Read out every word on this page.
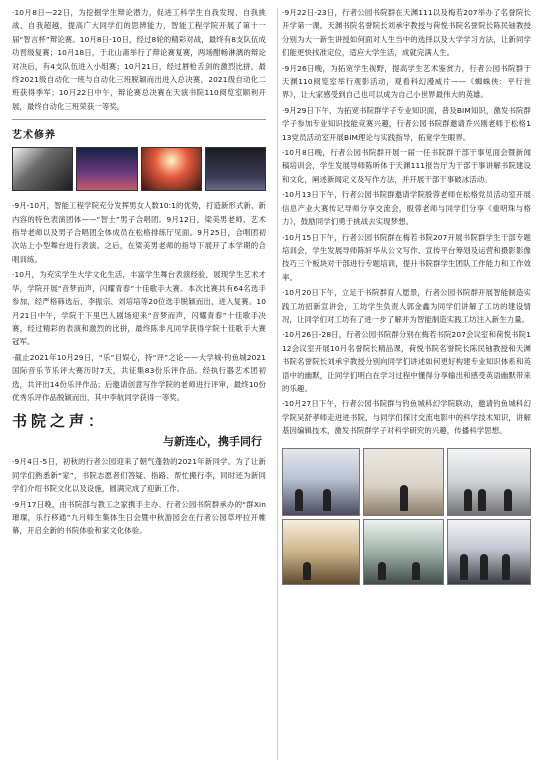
·10月8日—22日，为挖掘学生辩论潜力，促进工科学生自我发现、自我挑战、自我超越，提高广大同学们的思辨能力，智能工程学院开展了第十一届“智言杯”辩论赛。10月8日-10日，经过8轮的精彩对战，最终有8支队伍成功晋级复赛；10月18日，于北山斋举行了辩论赛复赛，两场酣畅淋漓的辩论对决后，有4支队伍进入小组赛；10月21日，经过唇枪舌剑的激烈比拼，最终2021级自动化一班与自动化三班脱颖而出进入总决赛，2021级自动化二班获得季军；10月22日中午，辩论赛总决赛在天演书院110阅览室顺利开展，最终自动化三班荣获一等奖。

艺术修养

·9月-10月，智能工程学院充分发挥男女人数10:1的优势，打造新形式新、新内容的特色表演团体——“智士”男子合唱团。9月12日，梁美男老师、艺术指导老师以及男子合唱团全体成员在松格排练厅见面。9月25日，合唱团初次站上小型舞台进行表演。之后，在梁美男老师的指导下展开了本学期的合唱训练。

·10月，为充实学生大学文化生活，丰富学生舞台表演经验，展现学生艺术才华，学院开展“音梦而声，闪耀青春”十佳歌手大赛。本次比赛共有64名选手参加，经严格筛选后，李振宗、刘培培等20位选手脱颖而出，进入复赛。10月21日中午，学院于下里巴人剧场迎来“音梦而声，闪耀青春”十佳歌手决赛，经过精彩的表演和激烈的比拼，最终陈非凡同学获得学院十佳歌手大赛冠军。

·截止2021年10月29日，“乐”目娱心，持“评”之论——大学城·钓鱼城2021国际音乐节乐评大赛历时7天，共征集83份乐评作品。经执行器艺术团初选，共评出14份乐评作品；后邀请创意写作学院的老师进行评审，最终10份优秀乐评作品脱颖而出，其中李航同学获得一等奖。

书院之声：
与新连心，携手同行

·9月4日-5日，初秋的行者公园迎来了朝气蓬勃的2021年新同学。为了让新同学们熟悉新“家”，书院志愿者们答疑、指路、帮忙搬行李，同时还为新同学们介绍书院文化以及设施，圆满完成了迎新工作。

·9月17日晚，由书院部与教工之家携手主办、行者公园书院群承办的“群Xin璀璨，乐行移通”九月师生集体生日会暨中秋游园会在行者公园草坪拉开帷幕，开启全新的书院体验和家文化体验。

·9月22日-23日，行者公园书院群在天渊111以及梅若207举办了名誉院长开学第一课。天渊书院名誉院长刘承宇教授与荷悦书院名誉院长陈民铀教授分别为大一新生讲授如何面对人生当中的选择以及大学学习方法，让新同学们能更快找准定位，适应大学生活，成就完满人生。

·9月26日晚，为拓宽学生视野，提高学生艺术鉴赏力，行者公园书院群于天渊110阅览室举行观影活动，观看科幻漫威片——《蜘蛛侠：平行世界》，让大家感受到自己也可以成为自己小世界最伟大的英雄。

·9月29日下午，为拓宽书院群学子专业知识面，普及BIM知识，激发书院群学子参加专业知识技能竞赛兴趣，行者公园书院群邀请乔兴刚老师于松格113党员活动室开展BIM理论与实践指导，拓宽学生眼界。

·10月8日晚，行者公园书院群开展一届一任书院群干部干事见面会暨新闻稿培训会，学生发展导师陈昕体于天渊111报告厅为干部干事讲解书院建设和文化，阐述新闻定义及写作方法，并开展干部干事破冰活动。

·10月13日下午，行者公园书院群邀请学院殷蓉老师在松格党员活动室开展信息产业大赛传记导师分享交流会，殷蓉老师与同学们分享《重明珠与格力》，鼓励同学们勇于挑战去实现梦想。

·10月15日下午，行者公园书院群在梅若书院207开展书院群学生干部专题培训会，学生发展导师陈轩华从公文写作、宣传平台筹划及运营和摄影影像技巧三个板块对干部进行专题培训，提升书院群学生团队工作能力和工作效率。

·10月20日下午，立足于书院群育人愿景，行者公园书院群开展智能制造实践工坊招新宣讲会，工坊学生负责人郭金鑫为同学们讲解了工坊的建设情况，让同学们对工坊有了进一步了解并为智能制造实践工坊注入新生力量。

·10月26日-28日，行者公园书院群分别在梅若书院207会议室和荷悦书院112会议室开展10月名誉院长精品课，荷悦书院名誉院长陈民铀教授和天渊书院名誉院长刘承宇教授分别向同学们讲述如何更好构建专业知识体系和英语中的幽默，让同学们明白在学习过程中懂得分享输出和感受英语幽默带来的乐趣。

·10月27日下午，行者公园书院群与钓鱼城科幻学院联动，邀请钓鱼城科幻学院吴舒孝师走进进书院，与同学们探讨交流电影中的科学技术知识，讲解基因编辑技术，激发书院群学子对科学研究的兴趣，传播科学思想。
